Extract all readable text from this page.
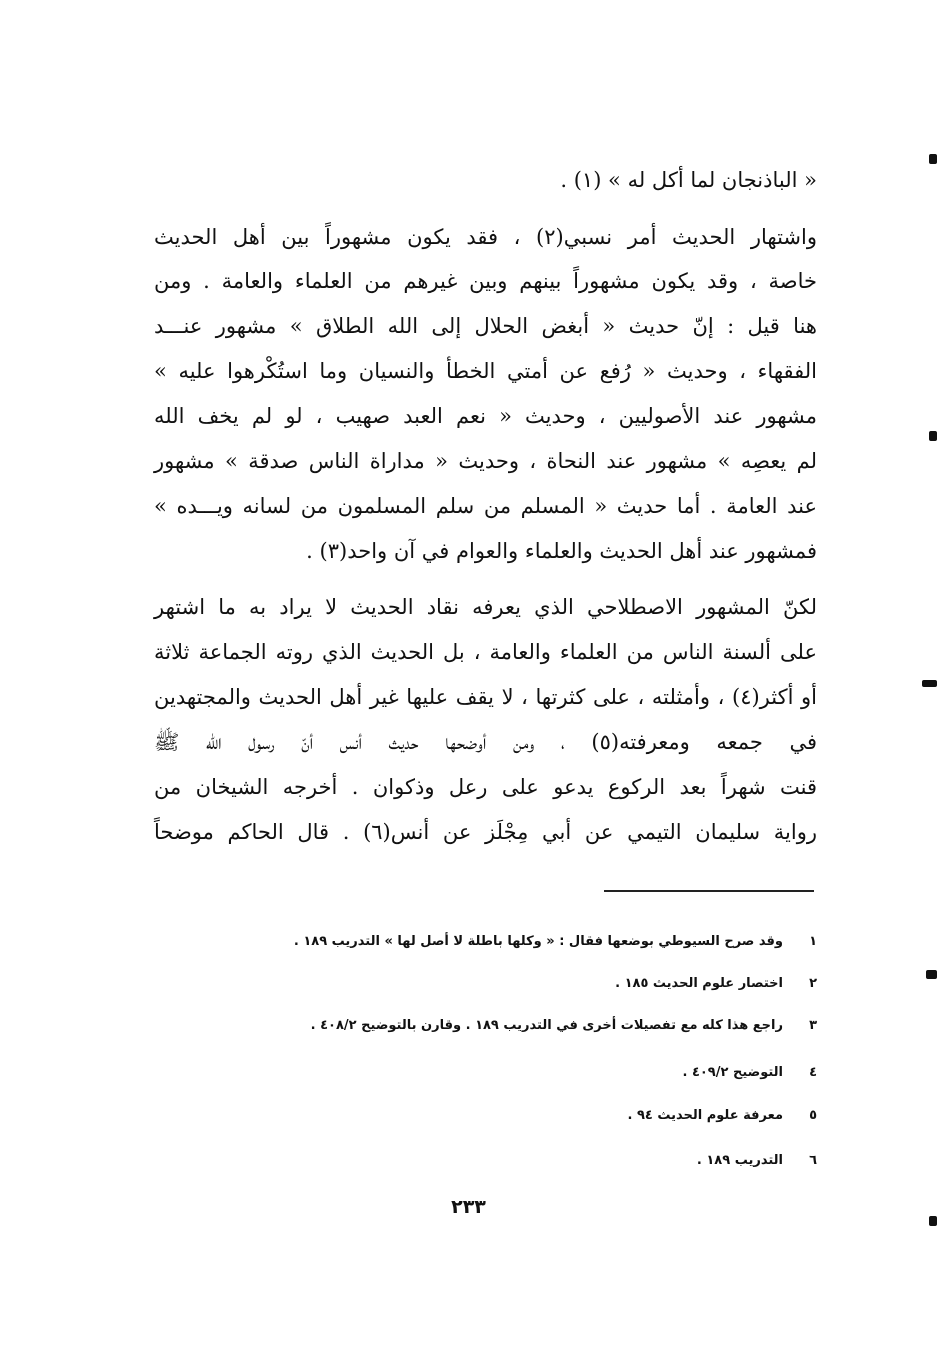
« الباذنجان لما أكل له » (١) .
واشتهار الحديث أمر نسبي(٢) ، فقد يكون مشهوراً بين أهل الحديث
خاصة ، وقد يكون مشهوراً بينهم وبين غيرهم من العلماء والعامة . ومن
هنا قيل : إنّ حديث « أبغض الحلال إلى الله الطلاق » مشهور عنـــد
الفقهاء ، وحديث « رُفع عن أمتي الخطأ والنسيان وما استُكْرهوا عليه »
مشهور عند الأصوليين ، وحديث « نعم العبد صهيب ، لو لم يخف الله
لم يعصِه » مشهور عند النحاة ، وحديث « مداراة الناس صدقة » مشهور
عند العامة . أما حديث « المسلم من سلم المسلمون من لسانه ويـــده »
فمشهور عند أهل الحديث والعلماء والعوام في آن واحد(٣) .
لكنّ المشهور الاصطلاحي الذي يعرفه نقاد الحديث لا يراد به ما اشتهر
على ألسنة الناس من العلماء والعامة ، بل الحديث الذي روته الجماعة ثلاثة
أو أكثر(٤) ، وأمثلته ، على كثرتها ، لا يقف عليها غير أهل الحديث والمجتهدين
في جمعه ومعرفته(٥) ، ومن أوضحها حديث أنس أنّ رسول الله ﷺ
قنت شهراً بعد الركوع يدعو على رعل وذكوان . أخرجه الشيخان من
رواية سليمان التيمي عن أبي مِجْلَز عن أنس(٦) . قال الحاكم موضحاً
١وقد صرح السيوطي بوضعها فقال : « وكلها باطلة لا أصل لها » التدريب ١٨٩ .
٢اختصار علوم الحديث ١٨٥ .
٣راجع هذا كله مع تفصيلات أخرى في التدريب ١٨٩ . وقارن بالتوضيح ٤٠٨/٢ .
٤التوضيح ٤٠٩/٢ .
٥معرفة علوم الحديث ٩٤ .
٦التدريب ١٨٩ .
٢٣٣
